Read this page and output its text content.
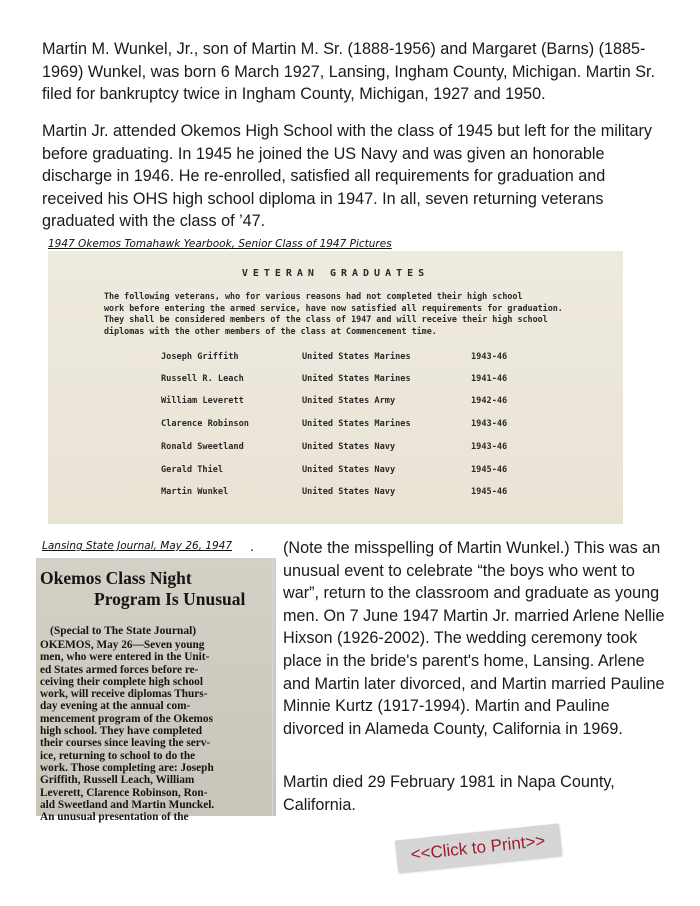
Martin M. Wunkel, Jr., son of Martin M. Sr. (1888-1956) and Margaret (Barns) (1885-1969) Wunkel, was born 6 March 1927, Lansing, Ingham County, Michigan. Martin Sr. filed for bankruptcy twice in Ingham County, Michigan, 1927 and 1950.

Martin Jr. attended Okemos High School with the class of 1945 but left for the military before graduating. In 1945 he joined the US Navy and was given an honorable discharge in 1946. He re-enrolled, satisfied all requirements for graduation and received his OHS high school diploma in 1947. In all, seven returning veterans graduated with the class of ’47.

1947 Okemos Tomahawk Yearbook, Senior Class of 1947 Pictures
VETERAN GRADUATES

The following veterans, who for various reasons had not completed their high school
work before entering the armed service, have now satisfied all requirements for graduation.
They shall be considered members of the class of 1947 and will receive their high school
diplomas with the other members of the class at Commencement time.

Joseph Griffith	United States Marines	1943-46
Russell R. Leach	United States Marines	1941-46
William Leverett	United States Army	1942-46
Clarence Robinson	United States Marines	1943-46
Ronald Sweetland	United States Navy	1943-46
Gerald Thiel	United States Navy	1945-46
Martin Wunkel	United States Navy	1945-46
Lansing State Journal, May 26, 1947 .
Okemos Class Night
Program Is Unusual
(Special to The State Journal)

OKEMOS, May 26—Seven young
men, who were entered in the Unit-
ed States armed forces before re-
ceiving their complete high school
work, will receive diplomas Thurs-
day evening at the annual com-
mencement program of the Okemos
high school. They have completed
their courses since leaving the serv-
ice, returning to school to do the
work. Those completing are: Joseph
Griffith, Russell Leach, William
Leverett, Clarence Robinson, Ron-
ald Sweetland and Martin Munckel.
An unusual presentation of the

(Note the misspelling of Martin Wunkel.) This was an unusual event to celebrate “the boys who went to war”, return to the classroom and graduate as young men. On 7 June 1947 Martin Jr. married Arlene Nellie Hixson (1926-2002). The wedding ceremony took place in the bride's parent's home, Lansing. Arlene and Martin later divorced, and Martin married Pauline Minnie Kurtz (1917-1994). Martin and Pauline divorced in Alameda County, California in 1969.

Martin died 29 February 1981 in Napa County, California.

<<Click to Print>>
